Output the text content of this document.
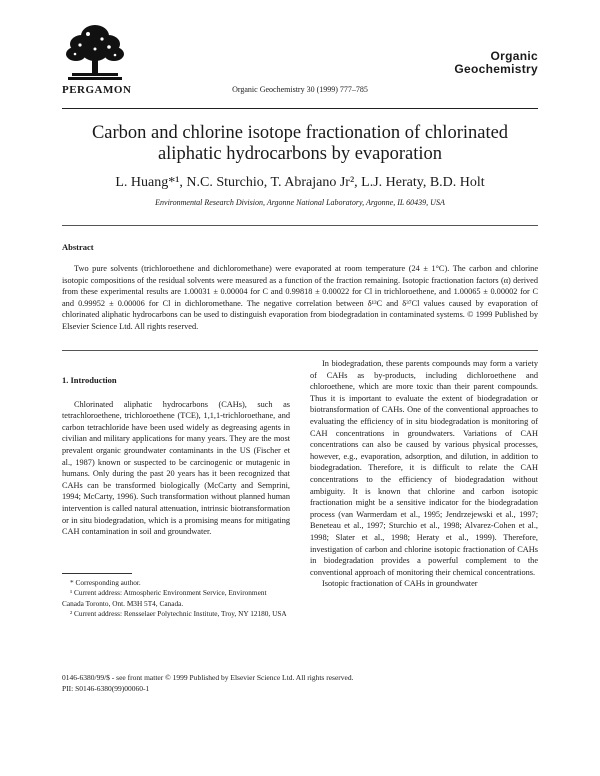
PERGAMON	Organic Geochemistry 30 (1999) 777–785
Organic
Geochemistry
Carbon and chlorine isotope fractionation of chlorinated aliphatic hydrocarbons by evaporation
L. Huang*¹, N.C. Sturchio, T. Abrajano Jr², L.J. Heraty, B.D. Holt
Environmental Research Division, Argonne National Laboratory, Argonne, IL 60439, USA
Abstract
Two pure solvents (trichloroethene and dichloromethane) were evaporated at room temperature (24 ± 1°C). The carbon and chlorine isotopic compositions of the residual solvents were measured as a function of the fraction remaining. Isotopic fractionation factors (α) derived from these experimental results are 1.00031 ± 0.00004 for C and 0.99818 ± 0.00022 for Cl in trichloroethene, and 1.00065 ± 0.00002 for C and 0.99952 ± 0.00006 for Cl in dichloromethane. The negative correlation between δ¹³C and δ³⁷Cl values caused by evaporation of chlorinated aliphatic hydrocarbons can be used to distinguish evaporation from biodegradation in contaminated systems. © 1999 Published by Elsevier Science Ltd. All rights reserved.
1. Introduction

Chlorinated aliphatic hydrocarbons (CAHs), such as tetrachloroethene, trichloroethene (TCE), 1,1,1-trichloroethane, and carbon tetrachloride have been used widely as degreasing agents in civilian and military applications for many years. They are the most prevalent organic groundwater contaminants in the US (Fischer et al., 1987) known or suspected to be carcinogenic or mutagenic in humans. Only during the past 20 years has it been recognized that CAHs can be transformed biologically (McCarty and Semprini, 1994; McCarty, 1996). Such transformation without planned human intervention is called natural attenuation, intrinsic biotransformation or in situ biodegradation, which is a promising means for mitigating CAH contamination in soil and groundwater.

In biodegradation, these parents compounds may form a variety of CAHs as by-products, including dichloroethene and chloroethene, which are more toxic than their parent compounds. Thus it is important to evaluate the extent of biodegradation or biotransformation of CAHs. One of the conventional approaches to evaluating the efficiency of in situ biodegradation is monitoring of CAH concentrations in groundwaters. Variations of CAH concentrations can also be caused by various physical processes, however, e.g., evaporation, adsorption, and dilution, in addition to biodegradation. Therefore, it is difficult to relate the CAH concentrations to the efficiency of biodegradation without ambiguity. It is known that chlorine and carbon isotopic fractionation might be a sensitive indicator for the biodegradation process (van Warmerdam et al., 1995; Jendrzejewski et al., 1997; Beneteau et al., 1997; Sturchio et al., 1998; Alvarez-Cohen et al., 1998; Slater et al., 1998; Heraty et al., 1999). Therefore, investigation of carbon and chlorine isotopic fractionation of CAHs in biodegradation provides a powerful complement to the conventional approach of monitoring their chemical concentrations.

Isotopic fractionation of CAHs in groundwater

* Corresponding author.

¹ Current address: Atmospheric Environment Service, Environment Canada Toronto, Ont. M3H 5T4, Canada.

² Current address: Rensselaer Polytechnic Institute, Troy, NY 12180, USA

0146-6380/99/$ - see front matter © 1999 Published by Elsevier Science Ltd. All rights reserved.
PII: S0146-6380(99)00060-1
